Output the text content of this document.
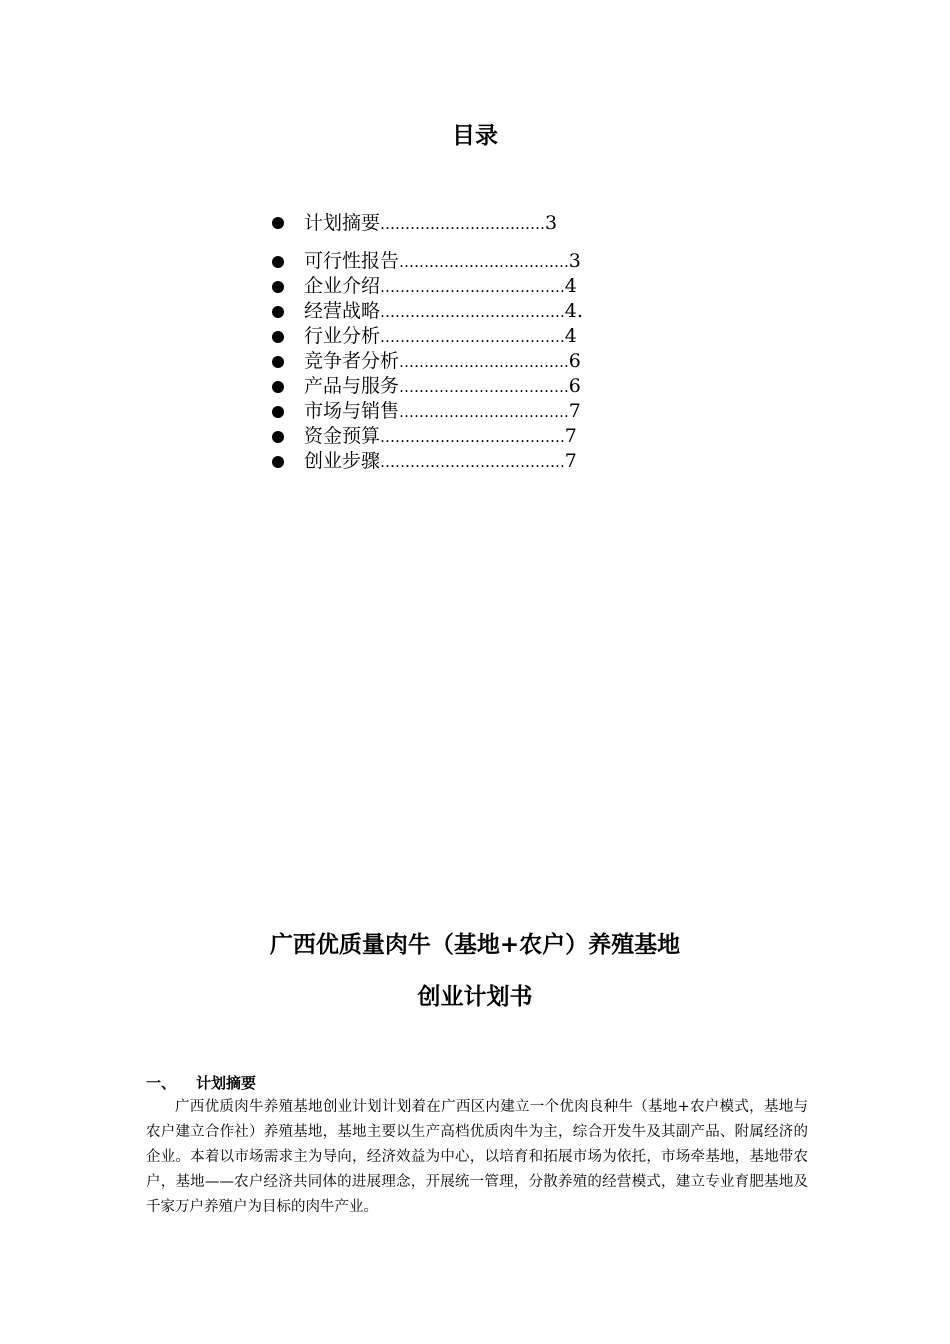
目录
计划摘要……………………………3
可行性报告…………………………….3
企业介绍……………………………….4
经营战略……………………………….4.
行业分析……………………………….4
竞争者分析…………………………….6
产品与服务…………………………….6
市场与销售…………………………….7
资金预算……………………………….7
创业步骤……………………………….7
广西优质量肉牛（基地+农户）养殖基地
创业计划书
一、 计划摘要

广西优质肉牛养殖基地创业计划计划着在广西区内建立一个优肉良种牛（基地+农户模式，基地与农户建立合作社）养殖基地，基地主要以生产高档优质肉牛为主，综合开发牛及其副产品、附属经济的企业。本着以市场需求主为导向，经济效益为中心，以培育和拓展市场为依托，市场牵基地，基地带农户，基地——农户经济共同体的进展理念，开展统一管理，分散养殖的经营模式，建立专业育肥基地及千家万户养殖户为目标的肉牛产业。
